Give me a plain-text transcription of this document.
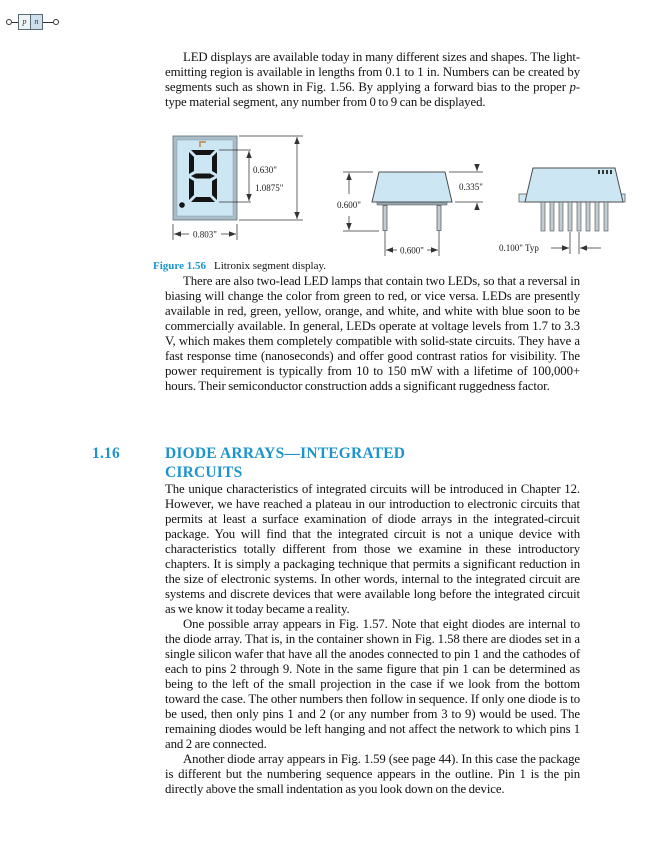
p n

LED displays are available today in many different sizes and shapes. The light-emitting region is available in lengths from 0.1 to 1 in. Numbers can be created by segments such as shown in Fig. 1.56. By applying a forward bias to the proper p-type material segment, any number from 0 to 9 can be displayed.

0.630"
1.0875"
0.803"
0.600"
0.335"
0.600"	0.100" Typ
Figure 1.56 Litronix segment display.

There are also two-lead LED lamps that contain two LEDs, so that a reversal in biasing will change the color from green to red, or vice versa. LEDs are presently available in red, green, yellow, orange, and white, and white with blue soon to be commercially available. In general, LEDs operate at voltage levels from 1.7 to 3.3 V, which makes them completely compatible with solid-state circuits. They have a fast response time (nanoseconds) and offer good contrast ratios for visibility. The power requirement is typically from 10 to 150 mW with a lifetime of 100,000+ hours. Their semiconductor construction adds a significant ruggedness factor.

1.16	DIODE ARRAYS—INTEGRATED
CIRCUITS

The unique characteristics of integrated circuits will be introduced in Chapter 12. However, we have reached a plateau in our introduction to electronic circuits that permits at least a surface examination of diode arrays in the integrated-circuit package. You will find that the integrated circuit is not a unique device with characteristics totally different from those we examine in these introductory chapters. It is simply a packaging technique that permits a significant reduction in the size of electronic systems. In other words, internal to the integrated circuit are systems and discrete devices that were available long before the integrated circuit as we know it today became a reality.

One possible array appears in Fig. 1.57. Note that eight diodes are internal to the diode array. That is, in the container shown in Fig. 1.58 there are diodes set in a single silicon wafer that have all the anodes connected to pin 1 and the cathodes of each to pins 2 through 9. Note in the same figure that pin 1 can be determined as being to the left of the small projection in the case if we look from the bottom toward the case. The other numbers then follow in sequence. If only one diode is to be used, then only pins 1 and 2 (or any number from 3 to 9) would be used. The remaining diodes would be left hanging and not affect the network to which pins 1 and 2 are connected.

Another diode array appears in Fig. 1.59 (see page 44). In this case the package is different but the numbering sequence appears in the outline. Pin 1 is the pin directly above the small indentation as you look down on the device.
